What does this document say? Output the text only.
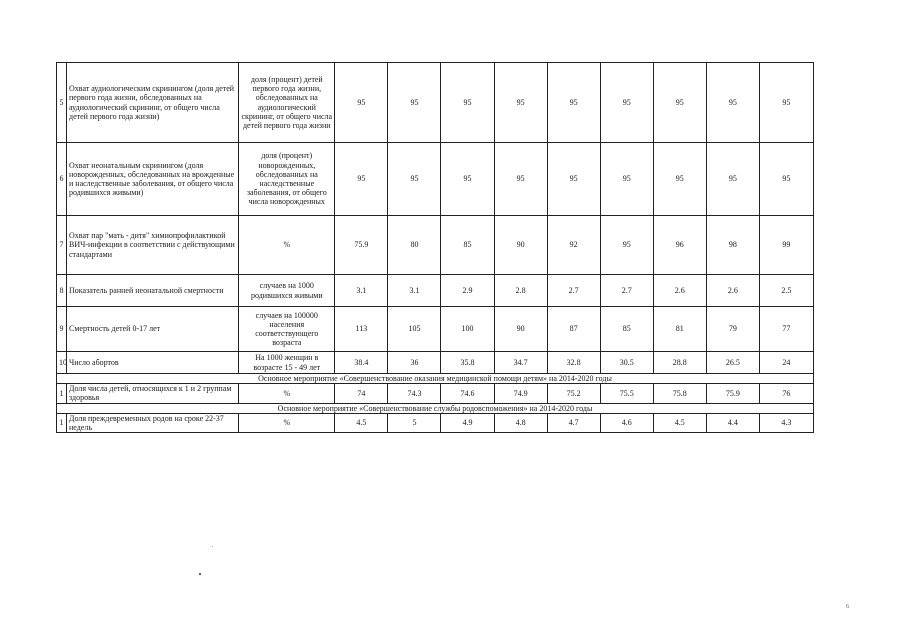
5	Охват аудиологическим скринингом (доля детей первого года жизни, обследованных на аудиологический скрининг, от общего числа детей первого года жизни)	доля (процент) детей первого года жизни, обследованных на аудиологический скрининг, от общего числа детей первого года жизни	95	95	95	95	95	95	95	95	95
6	Охват неонатальным скринингом (доля новорожденных, обследованных на врожденные и наследственные заболевания, от общего числа родившихся живыми)	доля (процент) новорожденных, обследованных на наследственные заболевания, от общего числа новорожденных	95	95	95	95	95	95	95	95	95
7	Охват пар "мать - дитя" химиопрофилактикой ВИЧ-инфекции в соответствии с действующими стандартами	%	75.9	80	85	90	92	95	96	98	99
8	Показатель ранней неонатальной смертности	случаев на 1000 родившихся живыми	3.1	3.1	2.9	2.8	2.7	2.7	2.6	2.6	2.5
9	Смертность детей 0-17 лет	случаев на 100000 населения соответствующего возраста	113	105	100	90	87	85	81	79	77
10	Число абортов	На 1000 женщин в возрасте 15 - 49 лет	38.4	36	35.8	34.7	32.8	30.5	28.8	26.5	24
Основное мероприятие «Совершенствование оказания медицинской помощи детям» на 2014-2020 годы											
1	Доля числа детей, относящихся к 1 и 2 группам здоровья	%	74	74.3	74.6	74.9	75.2	75.5	75.8	75.9	76
Основное мероприятие «Совершенствование службы родовспоможения» на 2014-2020 годы											
1	Доля преждевременных родов на сроке 22-37 недель	%	4.5	5	4.9	4.8	4.7	4.6	4.5	4.4	4.3
6
